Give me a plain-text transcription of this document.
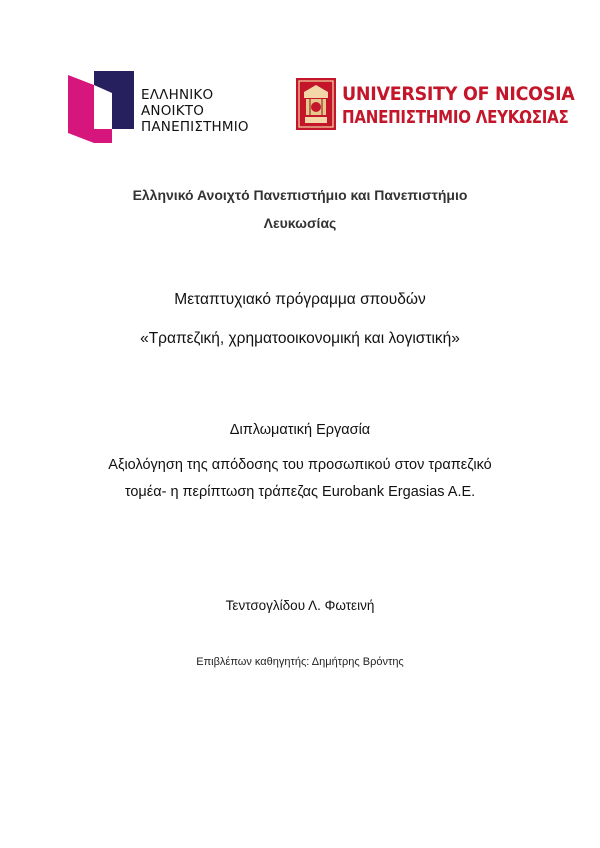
ΕΛΛΗΝΙΚΟ
ΑΝΟΙΚΤΟ
ΠΑΝΕΠΙΣΤΗΜΙΟ
UNIVERSITY OF NICOSIA
ΠΑΝΕΠΙΣΤΗΜΙΟ ΛΕΥΚΩΣΙΑΣ
Ελληνικό Ανοιχτό Πανεπιστήμιο και Πανεπιστήμιο
Λευκωσίας
Μεταπτυχιακό πρόγραμμα σπουδών
«Τραπεζική, χρηματοοικονομική και λογιστική»
Διπλωματική Εργασία
Αξιολόγηση της απόδοσης του προσωπικού στον τραπεζικό
τομέα- η περίπτωση τράπεζας Eurobank Ergasias A.E.
Τεντσογλίδου Λ. Φωτεινή
Επιβλέπων καθηγητής: Δημήτρης Βρόντης
